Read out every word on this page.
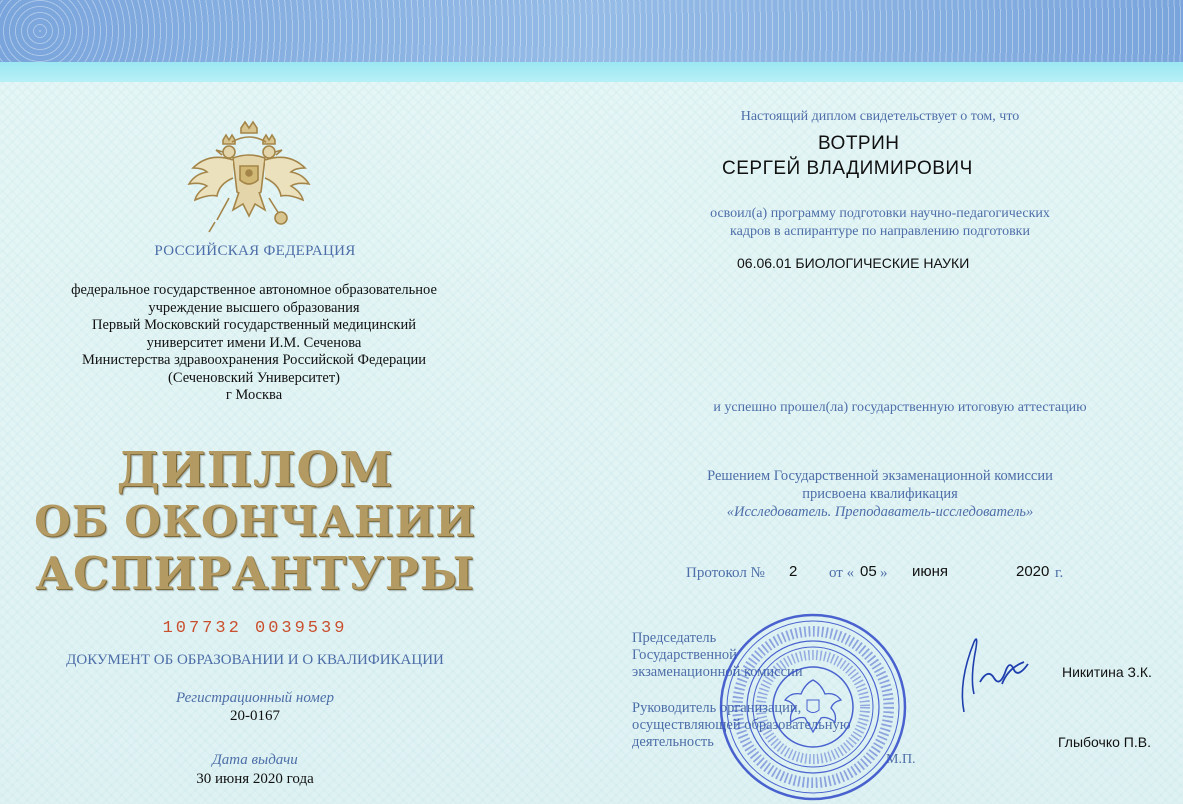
РОССИЙСКАЯ ФЕДЕРАЦИЯ
федеральное государственное автономное образовательное
учреждение высшего образования
Первый Московский государственный медицинский
университет имени И.М. Сеченова
Министерства здравоохранения Российской Федерации
(Сеченовский Университет)
г Москва
ДИПЛОМ
ОБ ОКОНЧАНИИ
АСПИРАНТУРЫ
107732 0039539
ДОКУМЕНТ ОБ ОБРАЗОВАНИИ И О КВАЛИФИКАЦИИ
Регистрационный номер
20-0167
Дата выдачи
30 июня 2020 года
Настоящий диплом свидетельствует о том, что
ВОТРИН
СЕРГЕЙ ВЛАДИМИРОВИЧ
освоил(а) программу подготовки научно-педагогических
кадров в аспирантуре по направлению подготовки
06.06.01 БИОЛОГИЧЕСКИЕ НАУКИ
и успешно прошел(ла) государственную итоговую аттестацию
Решением Государственной экзаменационной комиссии
присвоена квалификация
«Исследователь. Преподаватель-исследователь»
Протокол № 2 от « 05 » июня	2020 г.
Председатель
Государственной
экзаменационной комиссии	Никитина З.К.
Руководитель организации,
осуществляющей образовательную
деятельность
М.П.
Глыбочко П.В.
